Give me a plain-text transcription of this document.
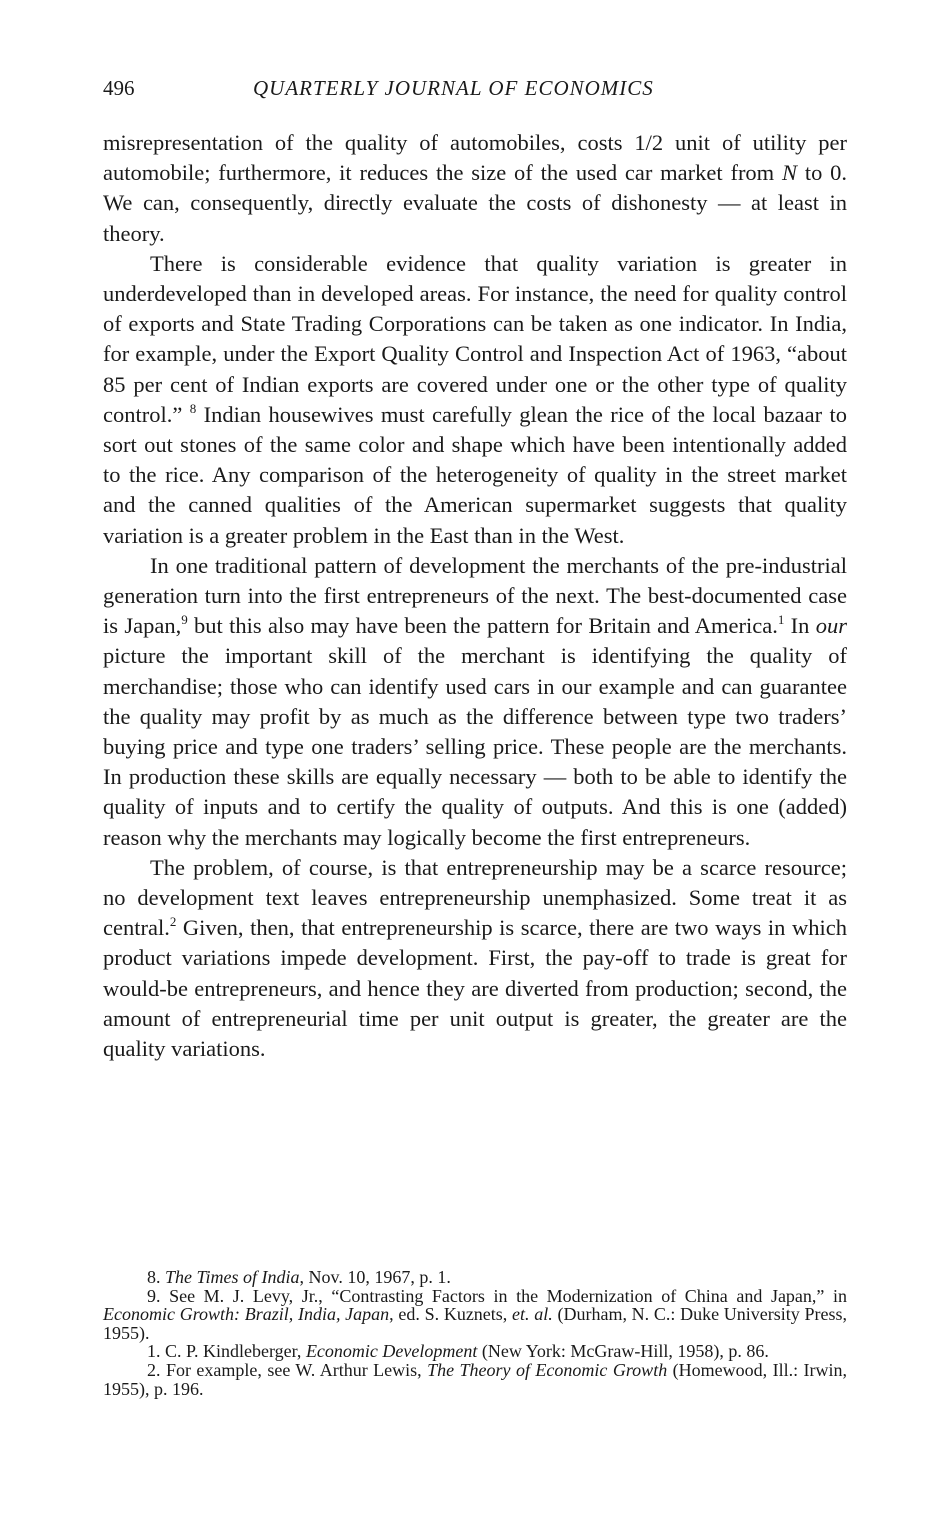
496	QUARTERLY JOURNAL OF ECONOMICS

misrepresentation of the quality of automobiles, costs 1/2 unit of utility per automobile; furthermore, it reduces the size of the used car market from N to 0. We can, consequently, directly evaluate the costs of dishonesty — at least in theory.

There is considerable evidence that quality variation is greater in underdeveloped than in developed areas. For instance, the need for quality control of exports and State Trading Corporations can be taken as one indicator. In India, for example, under the Export Quality Control and Inspection Act of 1963, “about 85 per cent of Indian exports are covered under one or the other type of quality control.” $^8$ Indian housewives must carefully glean the rice of the local bazaar to sort out stones of the same color and shape which have been intentionally added to the rice. Any comparison of the heterogeneity of quality in the street market and the canned qualities of the American supermarket suggests that quality variation is a greater problem in the East than in the West.

In one traditional pattern of development the merchants of the pre-industrial generation turn into the first entrepreneurs of the next. The best-documented case is Japan,$^9$ but this also may have been the pattern for Britain and America.$^1$ In our picture the important skill of the merchant is identifying the quality of merchandise; those who can identify used cars in our example and can guarantee the quality may profit by as much as the difference between type two traders’ buying price and type one traders’ selling price. These people are the merchants. In production these skills are equally necessary — both to be able to identify the quality of inputs and to certify the quality of outputs. And this is one (added) reason why the merchants may logically become the first entrepreneurs.

The problem, of course, is that entrepreneurship may be a scarce resource; no development text leaves entrepreneurship unemphasized. Some treat it as central.$^2$ Given, then, that entrepreneurship is scarce, there are two ways in which product variations impede development. First, the pay-off to trade is great for would-be entrepreneurs, and hence they are diverted from production; second, the amount of entrepreneurial time per unit output is greater, the greater are the quality variations.

8. The Times of India, Nov. 10, 1967, p. 1.

9. See M. J. Levy, Jr., “Contrasting Factors in the Modernization of China and Japan,” in Economic Growth: Brazil, India, Japan, ed. S. Kuznets, et. al. (Durham, N. C.: Duke University Press, 1955).

1. C. P. Kindleberger, Economic Development (New York: McGraw-Hill, 1958), p. 86.

2. For example, see W. Arthur Lewis, The Theory of Economic Growth (Homewood, Ill.: Irwin, 1955), p. 196.
